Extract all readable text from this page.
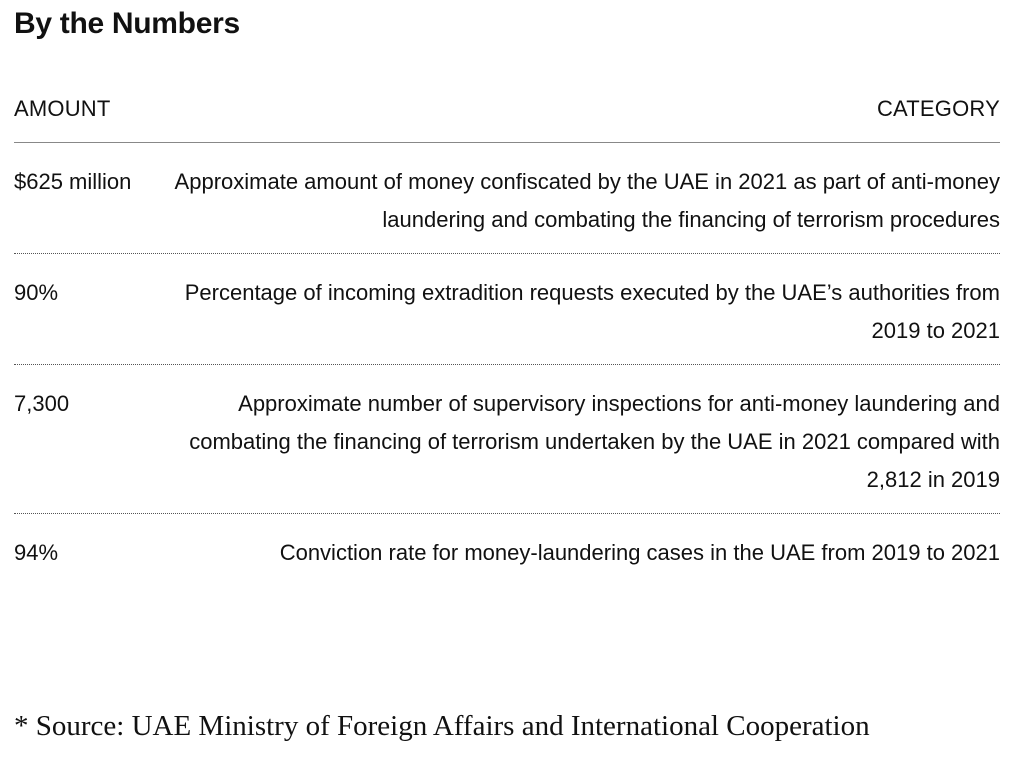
By the Numbers
AMOUNT	CATEGORY
$625 million	Approximate amount of money confiscated by the UAE in 2021 as part of anti-money laundering and combating the financing of terrorism procedures
90%	Percentage of incoming extradition requests executed by the UAE’s authorities from 2019 to 2021
7,300	Approximate number of supervisory inspections for anti-money laundering and combating the financing of terrorism undertaken by the UAE in 2021 compared with 2,812 in 2019
94%	Conviction rate for money-laundering cases in the UAE from 2019 to 2021
* Source: UAE Ministry of Foreign Affairs and International Cooperation
